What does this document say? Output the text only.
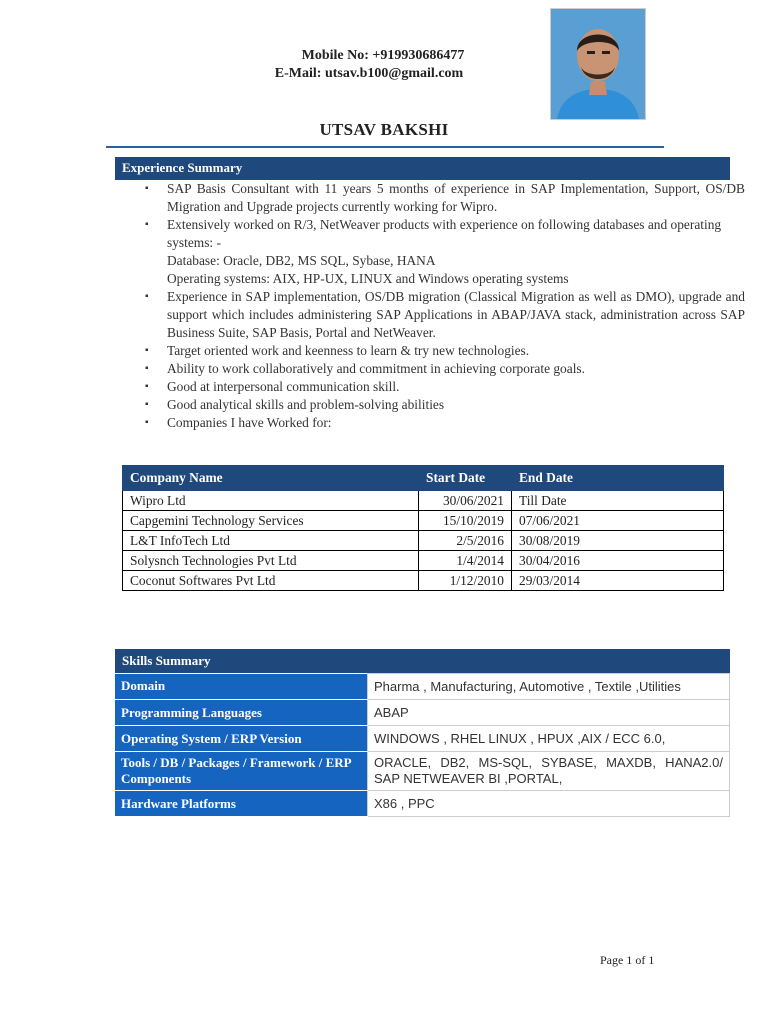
Mobile No: +919930686477
E-Mail: utsav.b100@gmail.com
UTSAV BAKSHI
Experience Summary
▪ SAP Basis Consultant with 11 years 5 months of experience in SAP Implementation, Support, OS/DB Migration and Upgrade projects currently working for Wipro.
▪ Extensively worked on R/3, NetWeaver products with experience on following databases and operating systems: -
Database: Oracle, DB2, MS SQL, Sybase, HANA
Operating systems: AIX, HP-UX, LINUX and Windows operating systems
▪ Experience in SAP implementation, OS/DB migration (Classical Migration as well as DMO), upgrade and support which includes administering SAP Applications in ABAP/JAVA stack, administration across SAP Business Suite, SAP Basis, Portal and NetWeaver.
▪ Target oriented work and keenness to learn & try new technologies.
▪ Ability to work collaboratively and commitment in achieving corporate goals.
▪ Good at interpersonal communication skill.
▪ Good analytical skills and problem-solving abilities
▪ Companies I have Worked for:
Company Name	Start Date	End Date
Wipro Ltd	30/06/2021	Till Date
Capgemini Technology Services	15/10/2019	07/06/2021
L&T InfoTech Ltd	2/5/2016	30/08/2019
Solysnch Technologies Pvt Ltd	1/4/2014	30/04/2016
Coconut Softwares Pvt Ltd	1/12/2010	29/03/2014
Skills Summary
Domain	Pharma , Manufacturing, Automotive , Textile ,Utilities
Programming Languages	ABAP
Operating System / ERP Version	WINDOWS , RHEL LINUX , HPUX ,AIX / ECC 6.0,
Tools / DB / Packages / Framework / ERP Components	ORACLE, DB2, MS-SQL, SYBASE, MAXDB, HANA2.0/ SAP NETWEAVER BI ,PORTAL,
Hardware Platforms	X86 , PPC
Page 1 of 1
